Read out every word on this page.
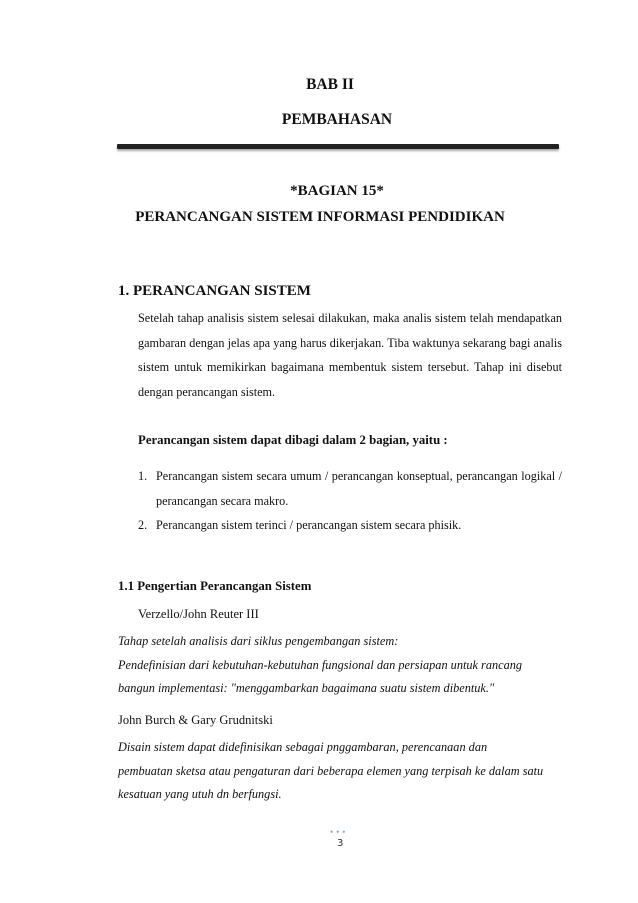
BAB II
PEMBAHASAN
*BAGIAN 15*
PERANCANGAN SISTEM INFORMASI PENDIDIKAN
1. PERANCANGAN SISTEM
Setelah tahap analisis sistem selesai dilakukan, maka analis sistem telah mendapatkan gambaran dengan jelas apa yang harus dikerjakan. Tiba waktunya sekarang bagi analis sistem untuk memikirkan bagaimana membentuk sistem tersebut. Tahap ini disebut dengan perancangan sistem.
Perancangan sistem dapat dibagi dalam 2 bagian, yaitu :
1. Perancangan sistem secara umum / perancangan konseptual, perancangan logikal / perancangan secara makro.
2. Perancangan sistem terinci / perancangan sistem secara phisik.
1.1 Pengertian Perancangan Sistem
Verzello/John Reuter III
Tahap setelah analisis dari siklus pengembangan sistem:
Pendefinisian dari kebutuhan-kebutuhan fungsional dan persiapan untuk rancang
bangun implementasi: "menggambarkan bagaimana suatu sistem dibentuk."
John Burch & Gary Grudnitski
Disain sistem dapat didefinisikan sebagai pnggambaran, perencanaan dan
pembuatan sketsa atau pengaturan dari beberapa elemen yang terpisah ke dalam satu
kesatuan yang utuh dn berfungsi.
•••
3
